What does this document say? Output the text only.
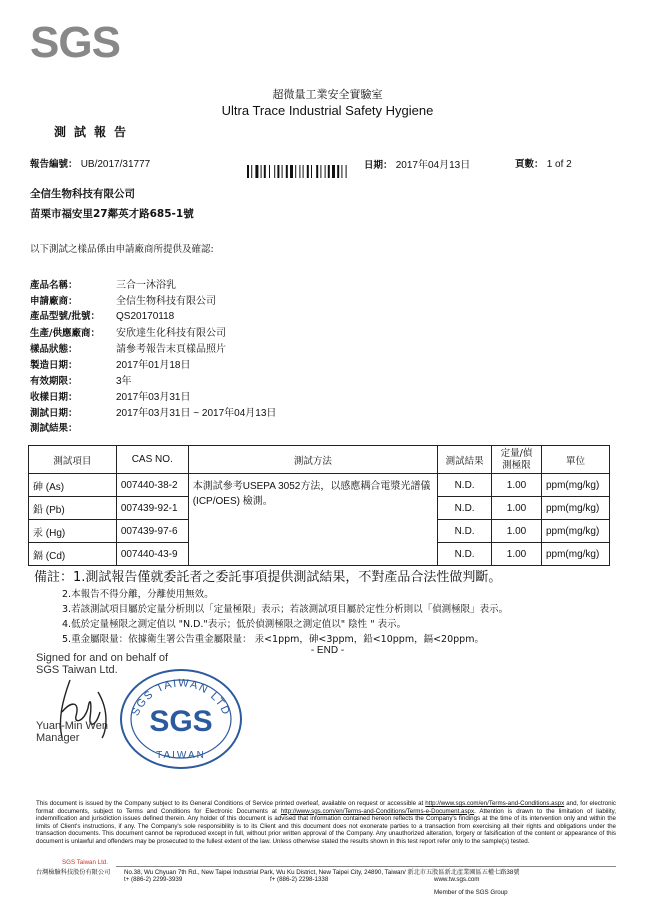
SGS
超微量工業安全實驗室
Ultra Trace Industrial Safety Hygiene
測試報告
報告編號： UB/2017/31777	日期： 2017年04月13日	頁數： 1 of 2
全信生物科技有限公司
苗栗市福安里27鄰英才路685-1號
以下測試之樣品係由申請廠商所提供及確認:
產品名稱：	三合一沐浴乳
申請廠商：	全信生物科技有限公司
產品型號/批號： QS20170118
生產/供應廠商： 安欣達生化科技有限公司
樣品狀態：	請參考報告末頁樣品照片
製造日期：	2017年01月18日
有效期限：	3年
收樣日期：	2017年03月31日
測試日期：	2017年03月31日 ~ 2017年04月13日
測試結果：
測試項目	CAS NO.	測試方法	測試結果	定量/偵測極限	單位
砷 (As)	007440-38-2	本測試參考USEPA 3052方法，以感應耦合電漿光譜儀(ICP/OES) 檢測。	N.D.	1.00	ppm(mg/kg)
鉛 (Pb)	007439-92-1		N.D.	1.00	ppm(mg/kg)
汞 (Hg)	007439-97-6		N.D.	1.00	ppm(mg/kg)
鎘 (Cd)	007440-43-9		N.D.	1.00	ppm(mg/kg)
備註：1.測試報告僅就委託者之委託事項提供測試結果，不對產品合法性做判斷。
2.本報告不得分離，分離使用無效。
3.若該測試項目屬於定量分析則以「定量極限」表示；若該測試項目屬於定性分析則以「偵測極限」表示。
4.低於定量極限之測定值以 "N.D."表示；低於偵測極限之測定值以" 陰性 " 表示。
5.重金屬限量：依據衛生署公告重金屬限量： 汞<1ppm，砷<3ppm，鉛<10ppm，鎘<20ppm。
- END -
Signed for and on behalf of
SGS Taiwan Ltd.
Yuan-Min Wen
Manager
SGS TAIWAN LTD
SGS
TAIWAN
This document is issued by the Company subject to its General Conditions of Service printed overleaf, available on request or accessible at http://www.sgs.com/en/Terms-and-Conditions.aspx and, for electronic format documents, subject to Terms and Conditions for Electronic Documents at http://www.sgs.com/en/Terms-and-Conditions/Terms-e-Document.aspx. Attention is drawn to the limitation of liability, indemnification and jurisdiction issues defined therein. Any holder of this document is advised that information contained hereon reflects the Company's findings at the time of its intervention only and within the limits of Client's instructions, if any. The Company's sole responsibility is to its Client and this document does not exonerate parties to a transaction from exercising all their rights and obligations under the transaction documents. This document cannot be reproduced except in full, without prior written approval of the Company. Any unauthorized alteration, forgery or falsification of the content or appearance of this document is unlawful and offenders may be prosecuted to the fullest extent of the law. Unless otherwise stated the results shown in this test report refer only to the sample(s) tested.
SGS Taiwan Ltd.
台灣檢驗科技股份有限公司 No.38, Wu Chyuan 7th Rd., New Taipei Industrial Park, Wu Ku District, New Taipei City, 24890, Taiwan/ 新北市五股區新北產業園區五權七路38號
t+ (886-2) 2299-3939	f+ (886-2) 2298-1338	www.tw.sgs.com
Member of the SGS Group
